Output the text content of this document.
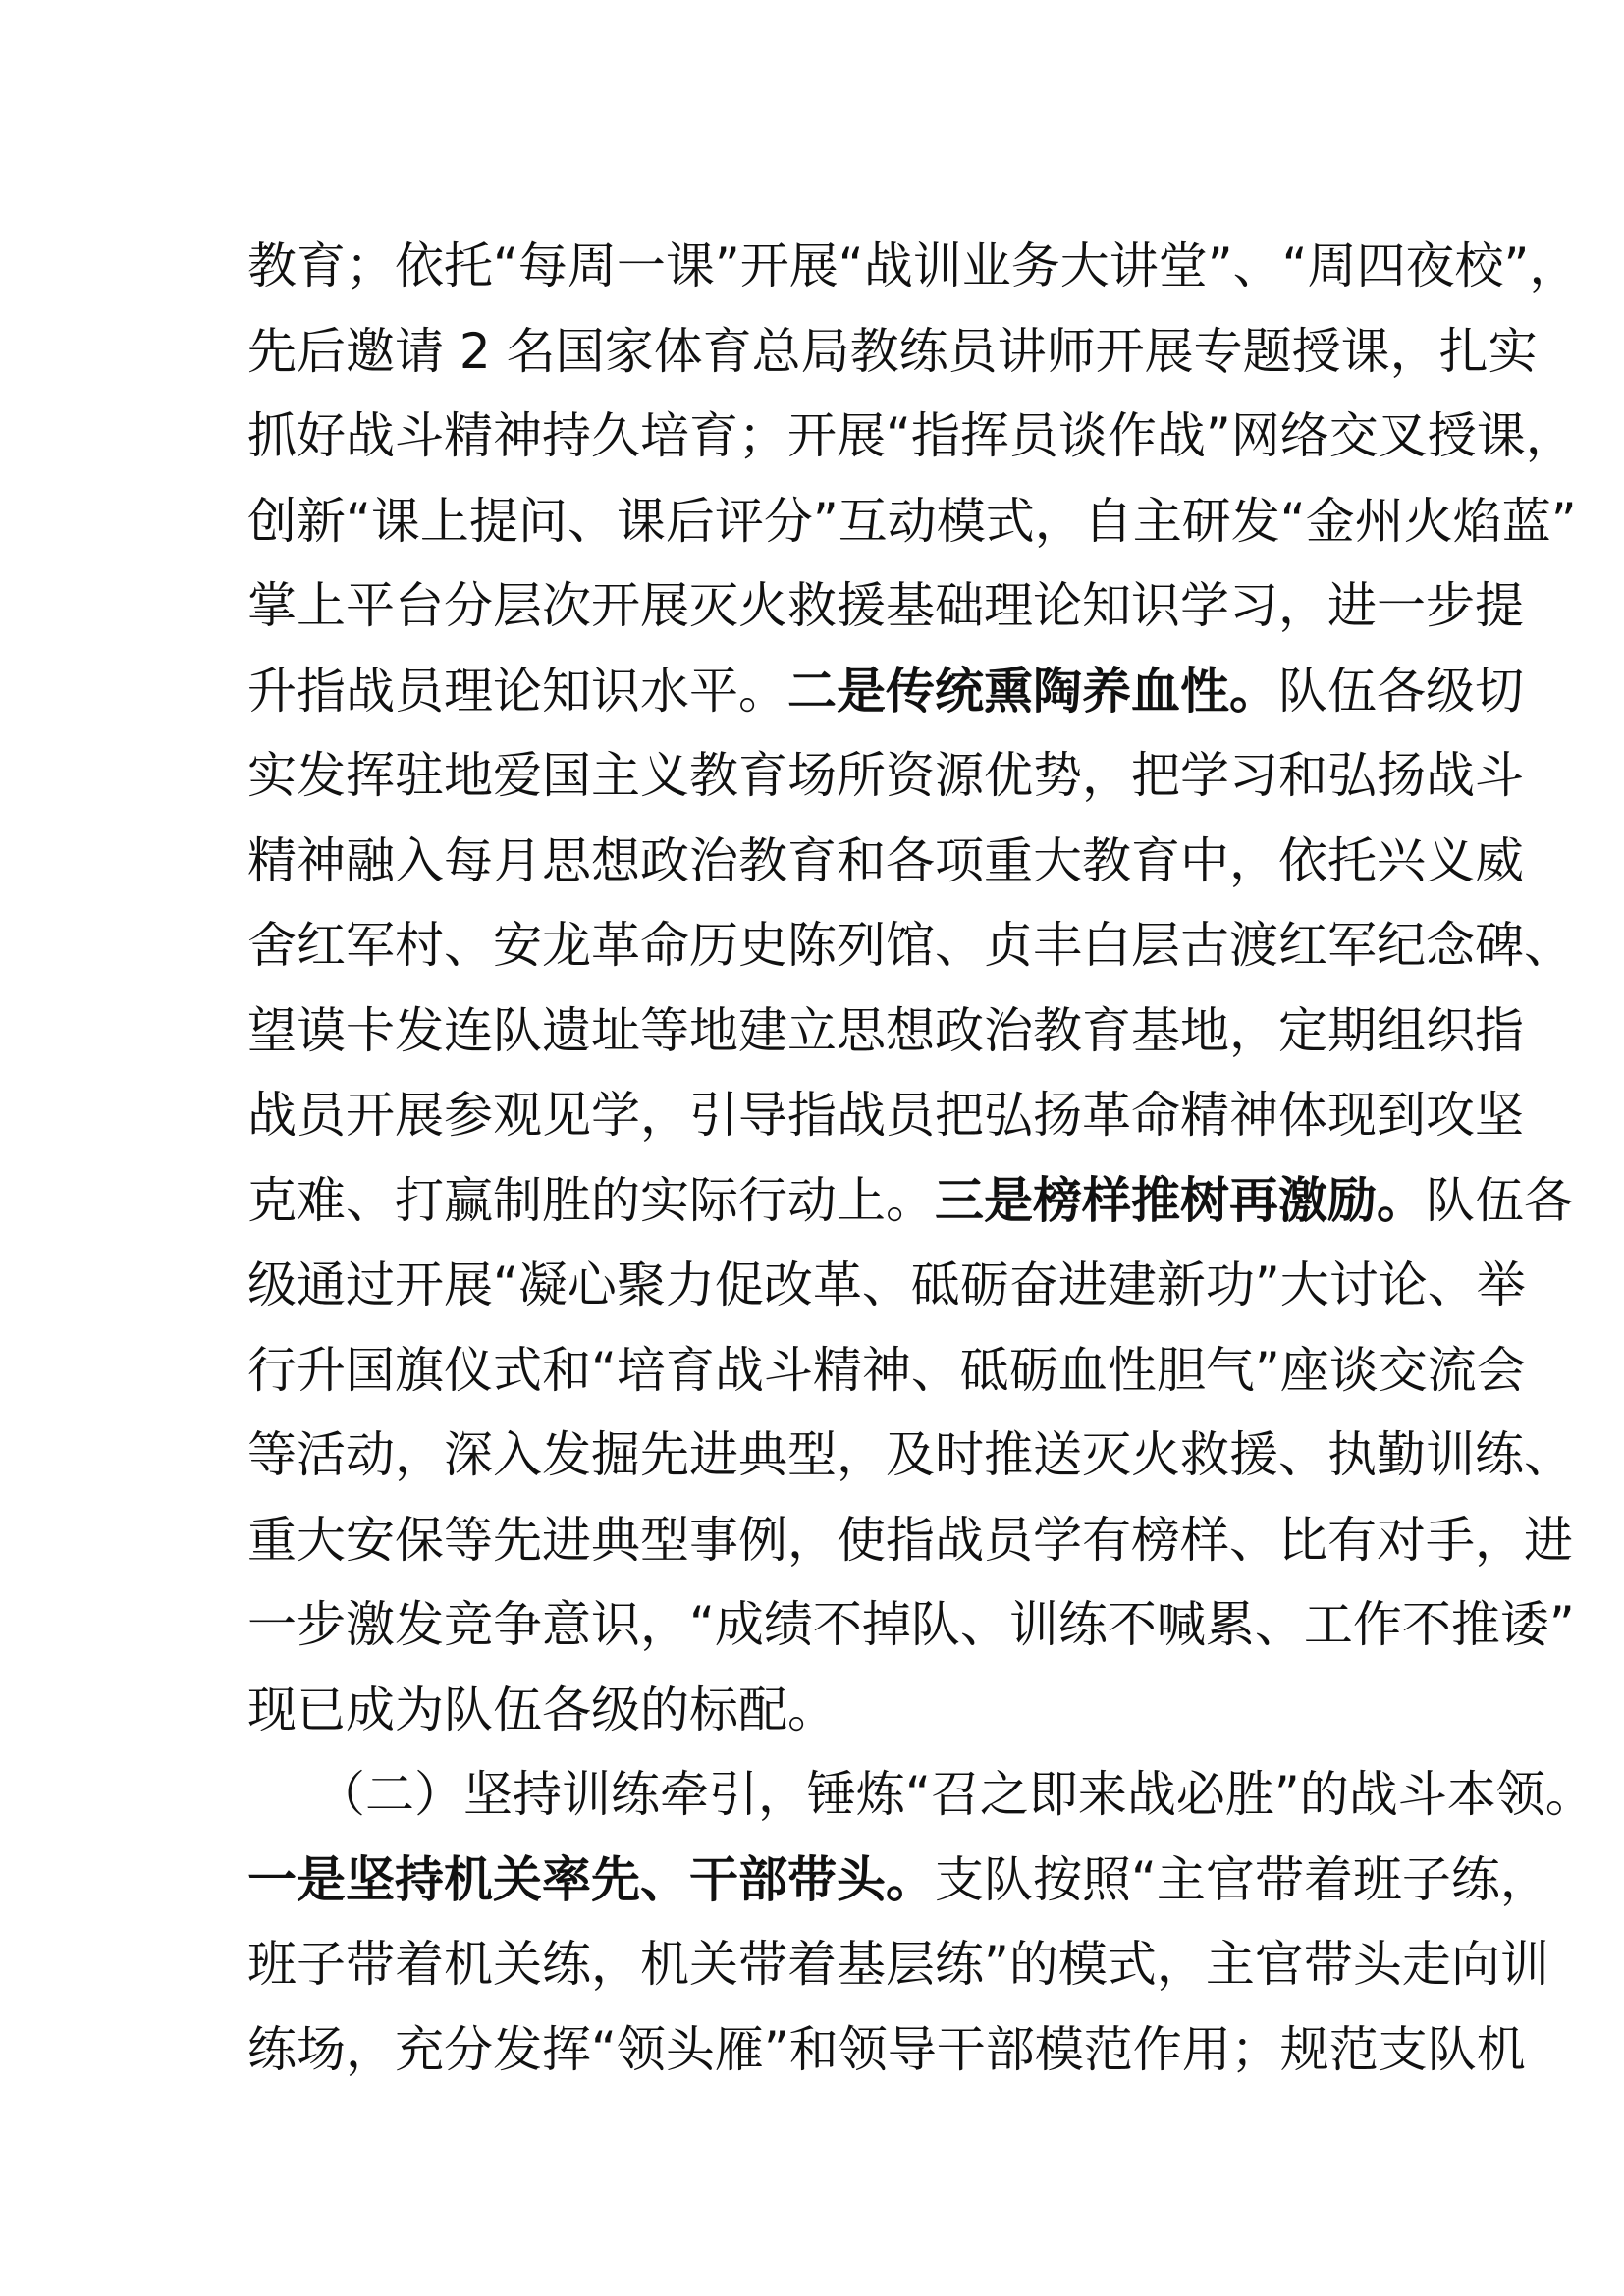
教育；依托“每周一课”开展“战训业务大讲堂”、“周四夜校”，
先后邀请 2 名国家体育总局教练员讲师开展专题授课，扎实
抓好战斗精神持久培育；开展“指挥员谈作战”网络交叉授课，
创新“课上提问、课后评分”互动模式，自主研发“金州火焰蓝”
掌上平台分层次开展灭火救援基础理论知识学习，进一步提
升指战员理论知识水平。二是传统熏陶养血性。队伍各级切
实发挥驻地爱国主义教育场所资源优势，把学习和弘扬战斗
精神融入每月思想政治教育和各项重大教育中，依托兴义威
舍红军村、安龙革命历史陈列馆、贞丰白层古渡红军纪念碑、
望谟卡发连队遗址等地建立思想政治教育基地，定期组织指
战员开展参观见学，引导指战员把弘扬革命精神体现到攻坚
克难、打赢制胜的实际行动上。三是榜样推树再激励。队伍各
级通过开展“凝心聚力促改革、砥砺奋进建新功”大讨论、举
行升国旗仪式和“培育战斗精神、砥砺血性胆气”座谈交流会
等活动，深入发掘先进典型，及时推送灭火救援、执勤训练、
重大安保等先进典型事例，使指战员学有榜样、比有对手，进
一步激发竞争意识，“成绩不掉队、训练不喊累、工作不推诿”
现已成为队伍各级的标配。
（二）坚持训练牵引，锤炼“召之即来战必胜”的战斗本领。
一是坚持机关率先、干部带头。支队按照“主官带着班子练，
班子带着机关练，机关带着基层练”的模式，主官带头走向训
练场，充分发挥“领头雁”和领导干部模范作用；规范支队机
